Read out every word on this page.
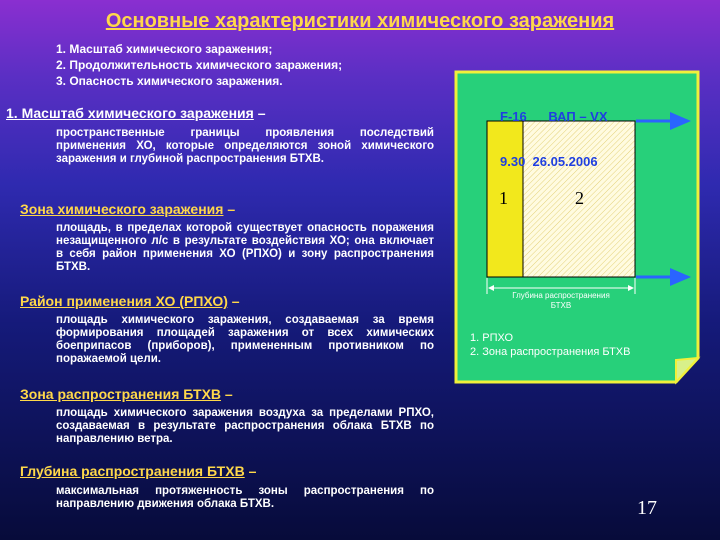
Основные характеристики химического заражения
1. Масштаб химического заражения;
2. Продолжительность химического заражения;
3. Опасность химического заражения.
1. Масштаб химического заражения –
пространственные границы проявления последствий применения ХО, которые определяются зоной химического заражения и глубиной распространения БТХВ.
Зона химического заражения –
площадь, в пределах которой существует опасность поражения незащищенного л/с в результате воздействия ХО; она включает в себя район применения ХО (РПХО) и зону распространения БТХВ.
Район применения ХО (РПХО) –
площадь химического заражения, создаваемая за время формирования площадей заражения от всех химических боеприпасов (приборов), примененным противником по поражаемой цели.
Зона распространения БТХВ –
площадь химического заражения воздуха за пределами РПХО, создаваемая в результате распространения облака БТХВ по направлению ветра.
Глубина распространения БТХВ –
максимальная протяженность зоны распространения по направлению движения облака БТХВ.

F-16      ВАП – VX

9.30  26.05.2006

1	2
Глубина распространения БТХВ
1. РПХО
2. Зона распространения БТХВ
17
